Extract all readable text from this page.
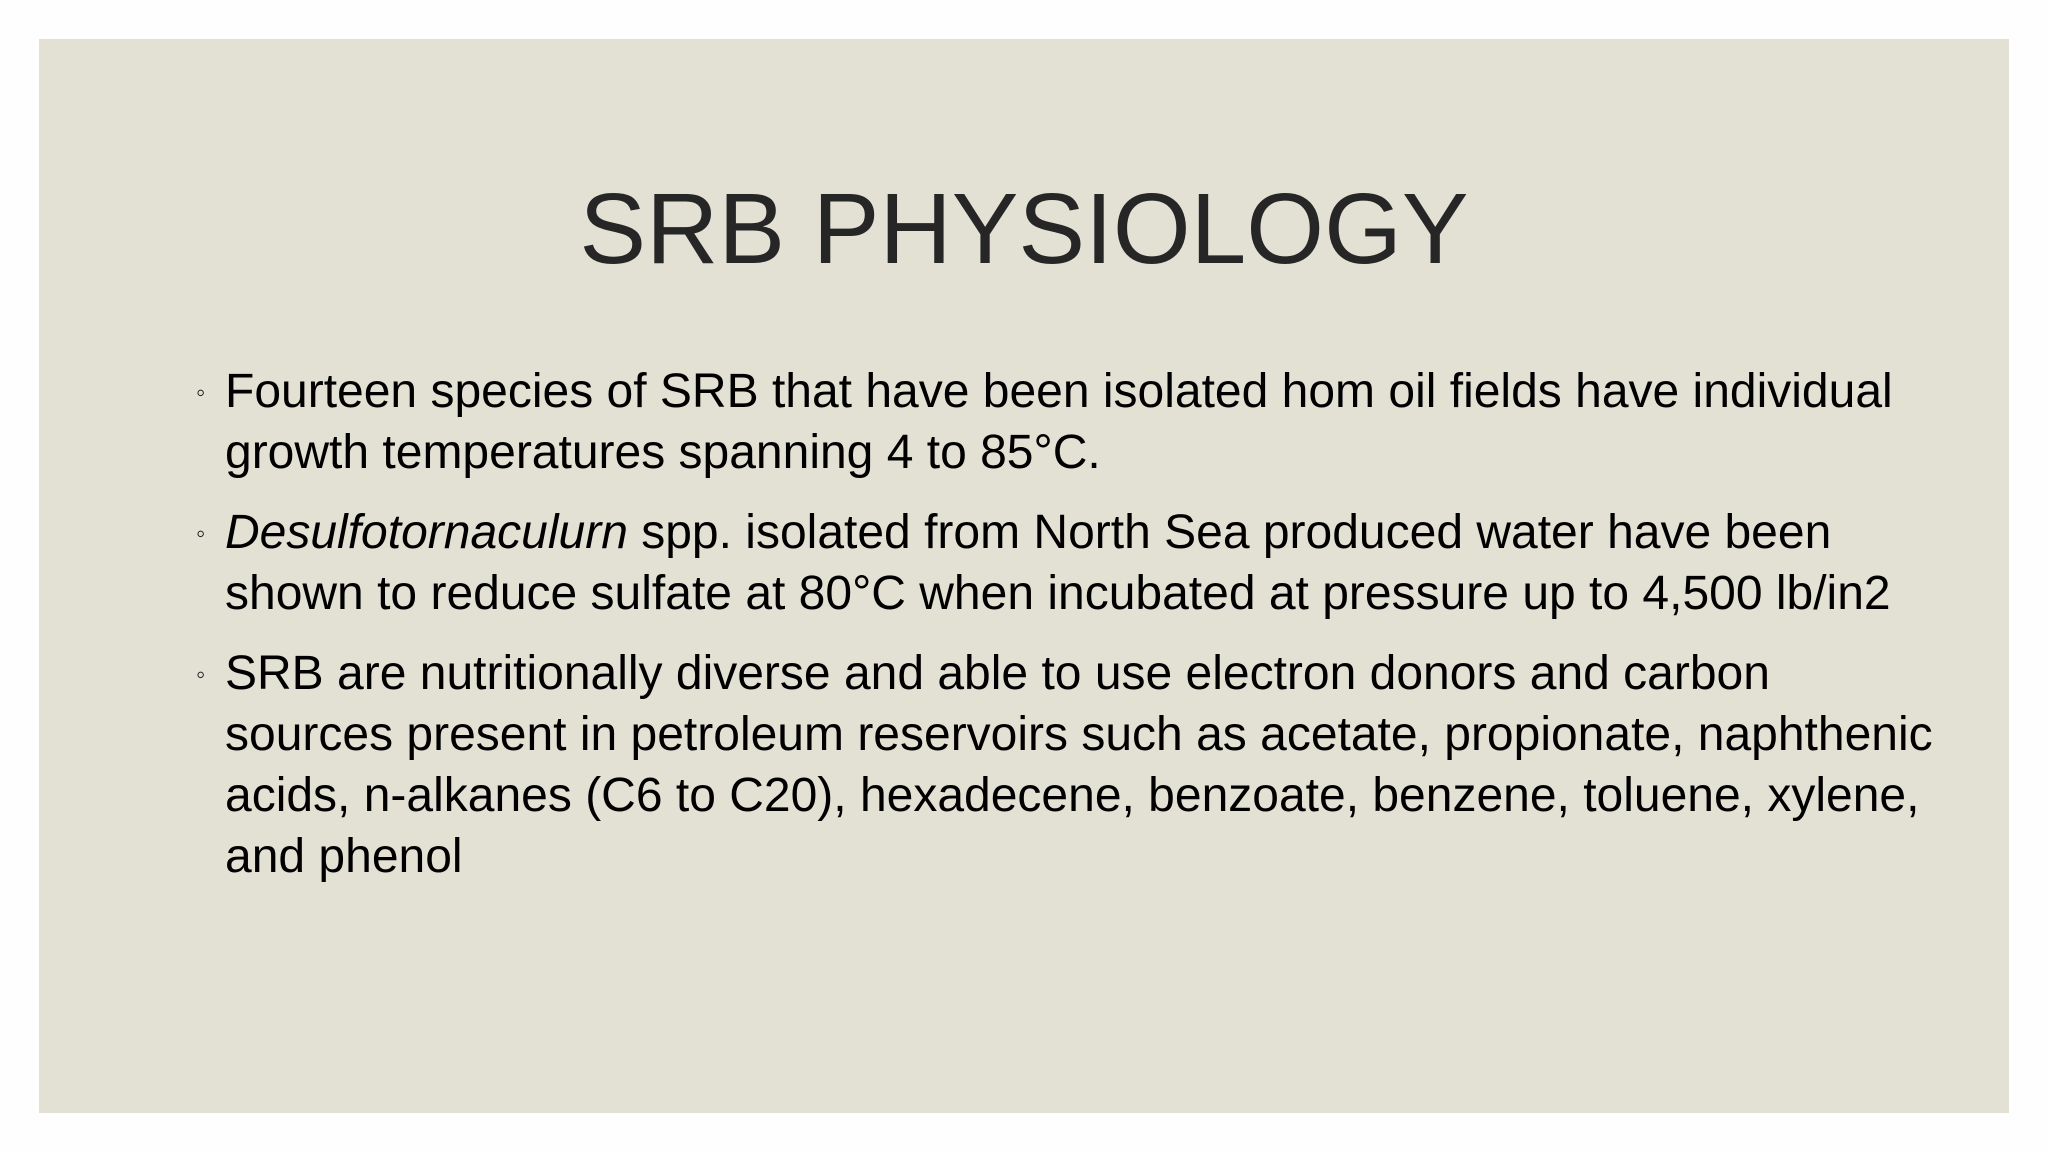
SRB PHYSIOLOGY
◦ Fourteen species of SRB that have been isolated hom oil fields have individual growth temperatures spanning 4 to 85°C.
◦ Desulfotornaculurn spp. isolated from North Sea produced water have been shown to reduce sulfate at 80°C when incubated at pressure up to 4,500 lb/in2
◦ SRB are nutritionally diverse and able to use electron donors and carbon sources present in petroleum reservoirs such as acetate, propionate, naphthenic acids, n-alkanes (C6 to C20), hexadecene, benzoate, benzene, toluene, xylene, and phenol
